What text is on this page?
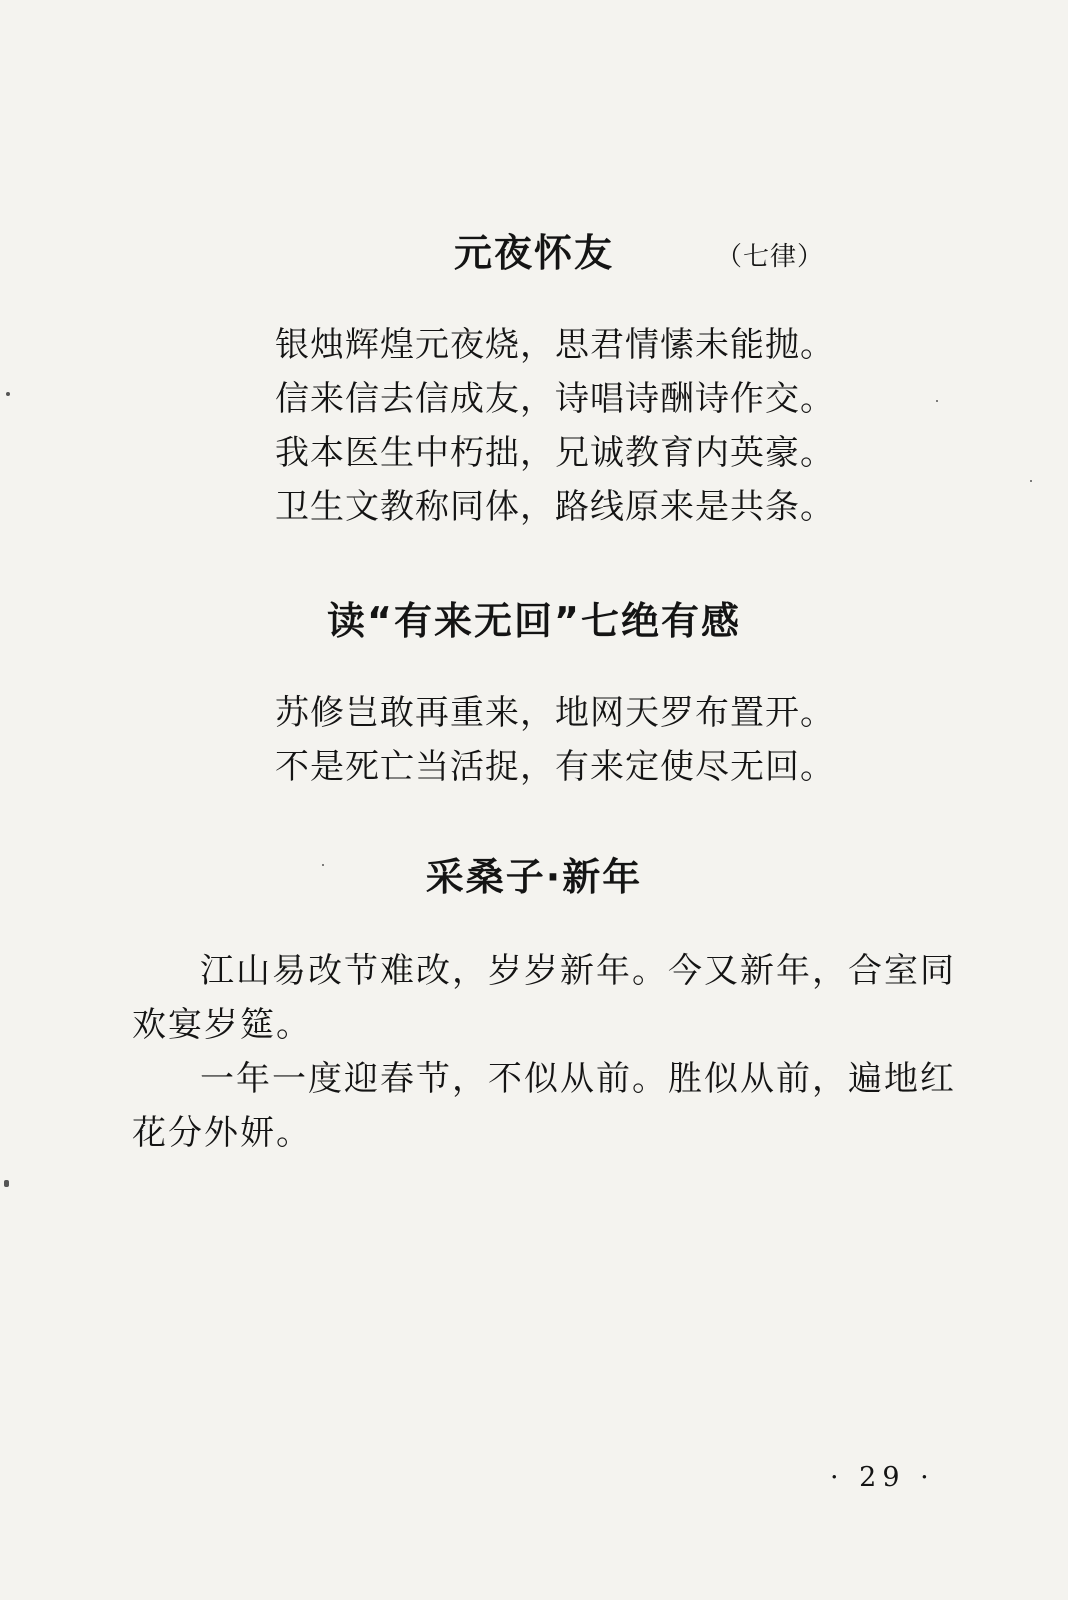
元夜怀友	（七律）
银烛辉煌元夜烧，思君情愫未能抛。
信来信去信成友，诗唱诗酬诗作交。
我本医生中朽拙，兄诚教育内英豪。
卫生文教称同体，路线原来是共条。
读“有来无回”七绝有感
苏修岂敢再重来，地网天罗布置开。
不是死亡当活捉，有来定使尽无回。
采桑子·新年
江山易改节难改，岁岁新年。今又新年，合室同欢宴岁筵。
一年一度迎春节，不似从前。胜似从前，遍地红花分外妍。
· 29 ·
